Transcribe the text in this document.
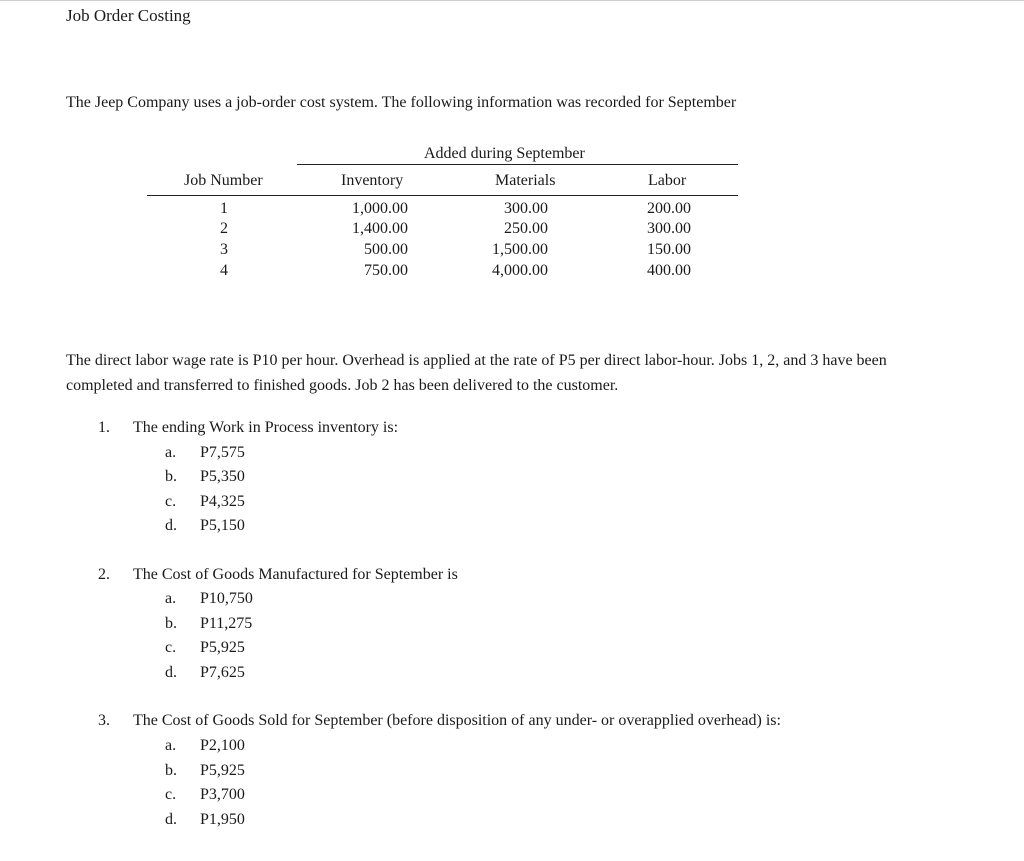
Job Order Costing
The Jeep Company uses a job-order cost system. The following information was recorded for September
Added during September
Job Number	Inventory	Materials	Labor
1	1,000.00	300.00	200.00
2	1,400.00	250.00	300.00
3	500.00	1,500.00	150.00
4	750.00	4,000.00	400.00
The direct labor wage rate is P10 per hour. Overhead is applied at the rate of P5 per direct labor-hour. Jobs 1, 2, and 3 have been completed and transferred to finished goods. Job 2 has been delivered to the customer.
1. The ending Work in Process inventory is:
a. P7,575
b. P5,350
c. P4,325
d. P5,150
2. The Cost of Goods Manufactured for September is
a. P10,750
b. P11,275
c. P5,925
d. P7,625
3. The Cost of Goods Sold for September (before disposition of any under- or overapplied overhead) is:
a. P2,100
b. P5,925
c. P3,700
d. P1,950
